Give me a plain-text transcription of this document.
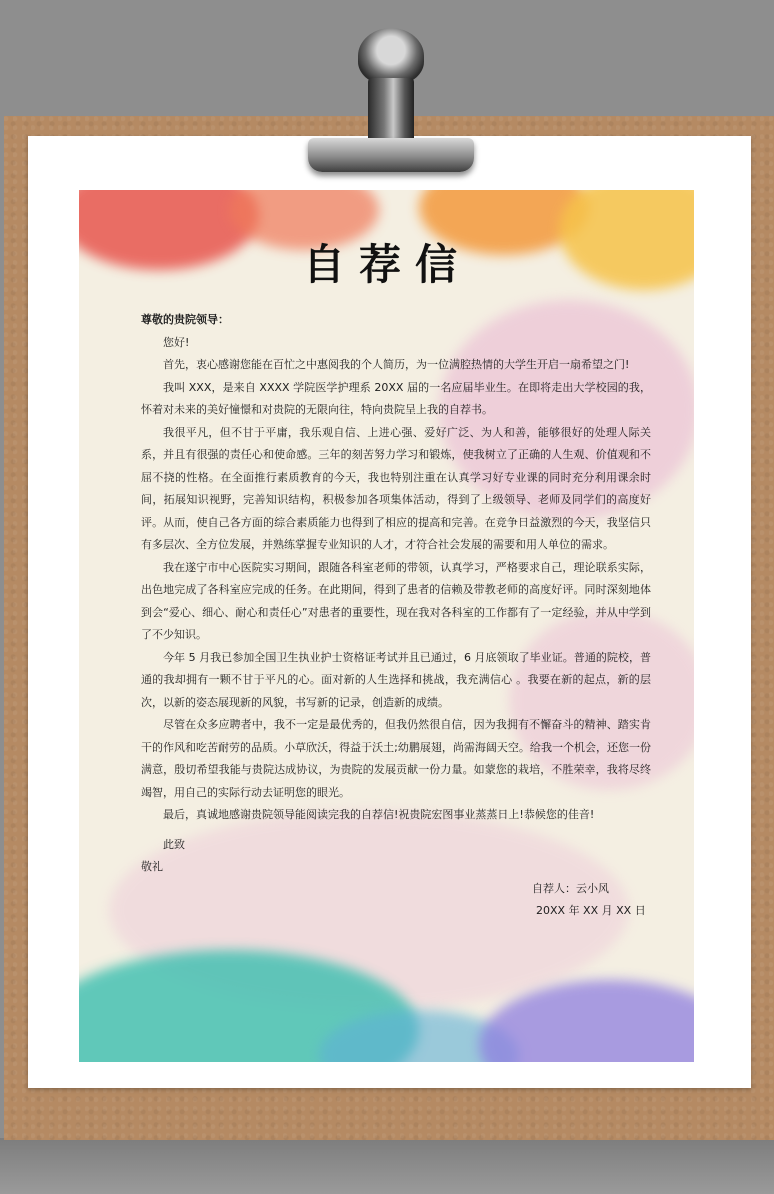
自荐信

尊敬的贵院领导：

您好!

首先，衷心感谢您能在百忙之中惠阅我的个人简历，为一位满腔热情的大学生开启一扇希望之门!

我叫 XXX，是来自 XXXX 学院医学护理系 20XX 届的一名应届毕业生。在即将走出大学校园的我，怀着对未来的美好憧憬和对贵院的无限向往，特向贵院呈上我的自荐书。

我很平凡，但不甘于平庸，我乐观自信、上进心强、爱好广泛、为人和善，能够很好的处理人际关系，并且有很强的责任心和使命感。三年的刻苦努力学习和锻炼，使我树立了正确的人生观、价值观和不屈不挠的性格。在全面推行素质教育的今天，我也特别注重在认真学习好专业课的同时充分利用课余时间，拓展知识视野，完善知识结构，积极参加各项集体活动，得到了上级领导、老师及同学们的高度好评。从而，使自己各方面的综合素质能力也得到了相应的提高和完善。在竞争日益激烈的今天，我坚信只有多层次、全方位发展，并熟练掌握专业知识的人才，才符合社会发展的需要和用人单位的需求。

我在遂宁市中心医院实习期间，跟随各科室老师的带领，认真学习，严格要求自己，理论联系实际，出色地完成了各科室应完成的任务。在此期间，得到了患者的信赖及带教老师的高度好评。同时深刻地体到会“爱心、细心、耐心和责任心”对患者的重要性，现在我对各科室的工作都有了一定经验，并从中学到了不少知识。

今年 5 月我已参加全国卫生执业护士资格证考试并且已通过，6 月底领取了毕业证。普通的院校，普通的我却拥有一颗不甘于平凡的心。面对新的人生选择和挑战，我充满信心 。我要在新的起点，新的层次，以新的姿态展现新的风貌，书写新的记录，创造新的成绩。

尽管在众多应聘者中，我不一定是最优秀的，但我仍然很自信，因为我拥有不懈奋斗的精神、踏实肯干的作风和吃苦耐劳的品质。小草欣沃，得益于沃土;幼鹏展翅，尚需海阔天空。给我一个机会，还您一份满意，殷切希望我能与贵院达成协议，为贵院的发展贡献一份力量。如蒙您的栽培，不胜荣幸，我将尽终竭智，用自己的实际行动去证明您的眼光。

最后，真诚地感谢贵院领导能阅读完我的自荐信!祝贵院宏图事业蒸蒸日上!恭候您的佳音!

此致
敬礼
自荐人：云小风
20XX 年 XX 月 XX 日
